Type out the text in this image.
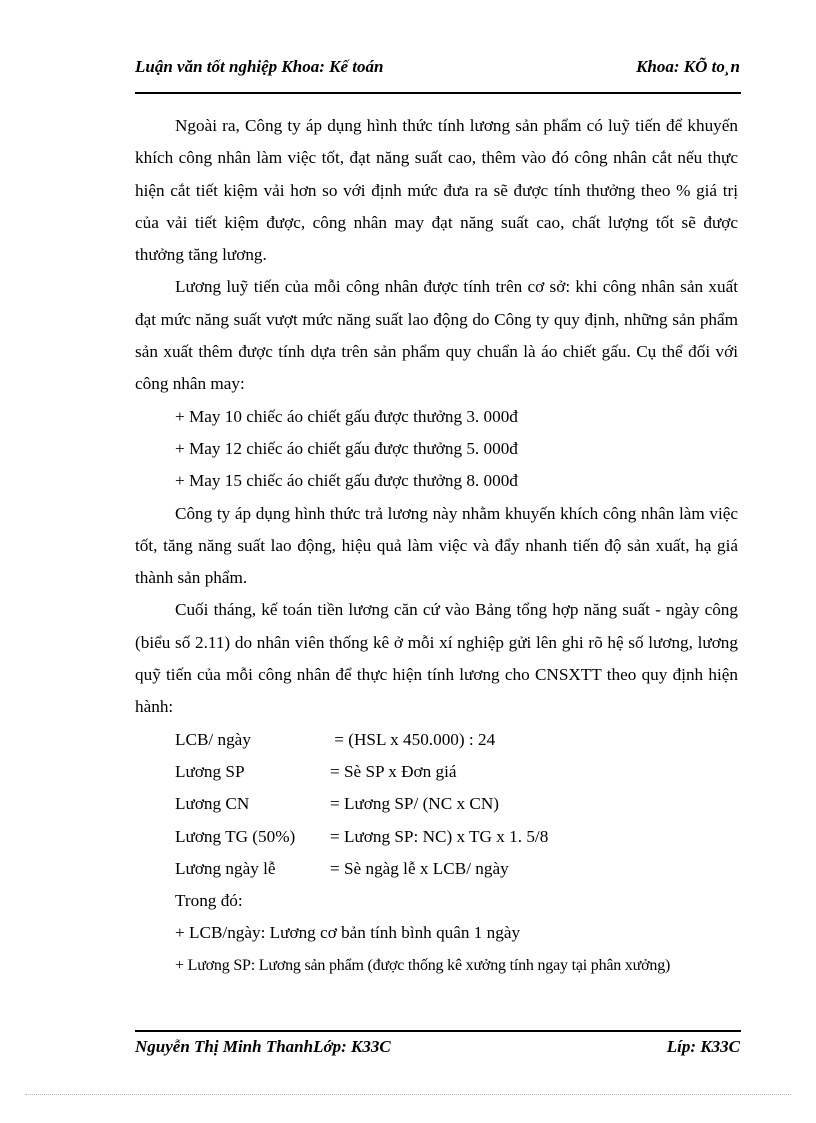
Luận văn tốt nghiệp Khoa: Kế toán	Khoa: KÕ to¸n

Ngoài ra, Công ty áp dụng hình thức tính lương sản phẩm có luỹ tiến để khuyến khích công nhân làm việc tốt, đạt năng suất cao, thêm vào đó công nhân cắt nếu thực hiện cắt tiết kiệm vải hơn so với định mức đưa ra sẽ được tính thưởng theo % giá trị của vải tiết kiệm được, công nhân may đạt năng suất cao, chất lượng tốt sẽ được thưởng tăng lương.

Lương luỹ tiến của mỗi công nhân được tính trên cơ sở: khi công nhân sản xuất đạt mức năng suất vượt mức năng suất lao động do Công ty quy định, những sản phẩm sản xuất thêm được tính dựa trên sản phẩm quy chuẩn là áo chiết gấu. Cụ thể đối với công nhân may:

+ May 10 chiếc áo chiết gấu được thưởng 3. 000đ

+ May 12 chiếc áo chiết gấu được thưởng 5. 000đ

+ May 15 chiếc áo chiết gấu được thưởng 8. 000đ

Công ty áp dụng hình thức trả lương này nhằm khuyến khích công nhân làm việc tốt, tăng năng suất lao động, hiệu quả làm việc và đẩy nhanh tiến độ sản xuất, hạ giá thành sản phẩm.

Cuối tháng, kế toán tiền lương căn cứ vào Bảng tổng hợp năng suất - ngày công (biểu số 2.11) do nhân viên thống kê ở mỗi xí nghiệp gửi lên ghi rõ hệ số lương, lương quỹ tiến của mỗi công nhân để thực hiện tính lương cho CNSXTT theo quy định hiện hành:

LCB/ ngày	= (HSL x 450.000) : 24
Lương SP	= Sè SP x Đơn giá
Lương CN	= Lương SP/ (NC x CN)
Lương TG (50%)	= Lương SP: NC) x TG x 1. 5/8
Lương ngày lễ	= Sè ngàg lễ x LCB/ ngày

Trong đó:

+ LCB/ngày: Lương cơ bản tính bình quân 1 ngày

+ Lương SP: Lương sản phẩm (được thống kê xưởng tính ngay tại phân xưởng)

Nguyễn Thị Minh ThanhLớp: K33C	Líp: K33C
